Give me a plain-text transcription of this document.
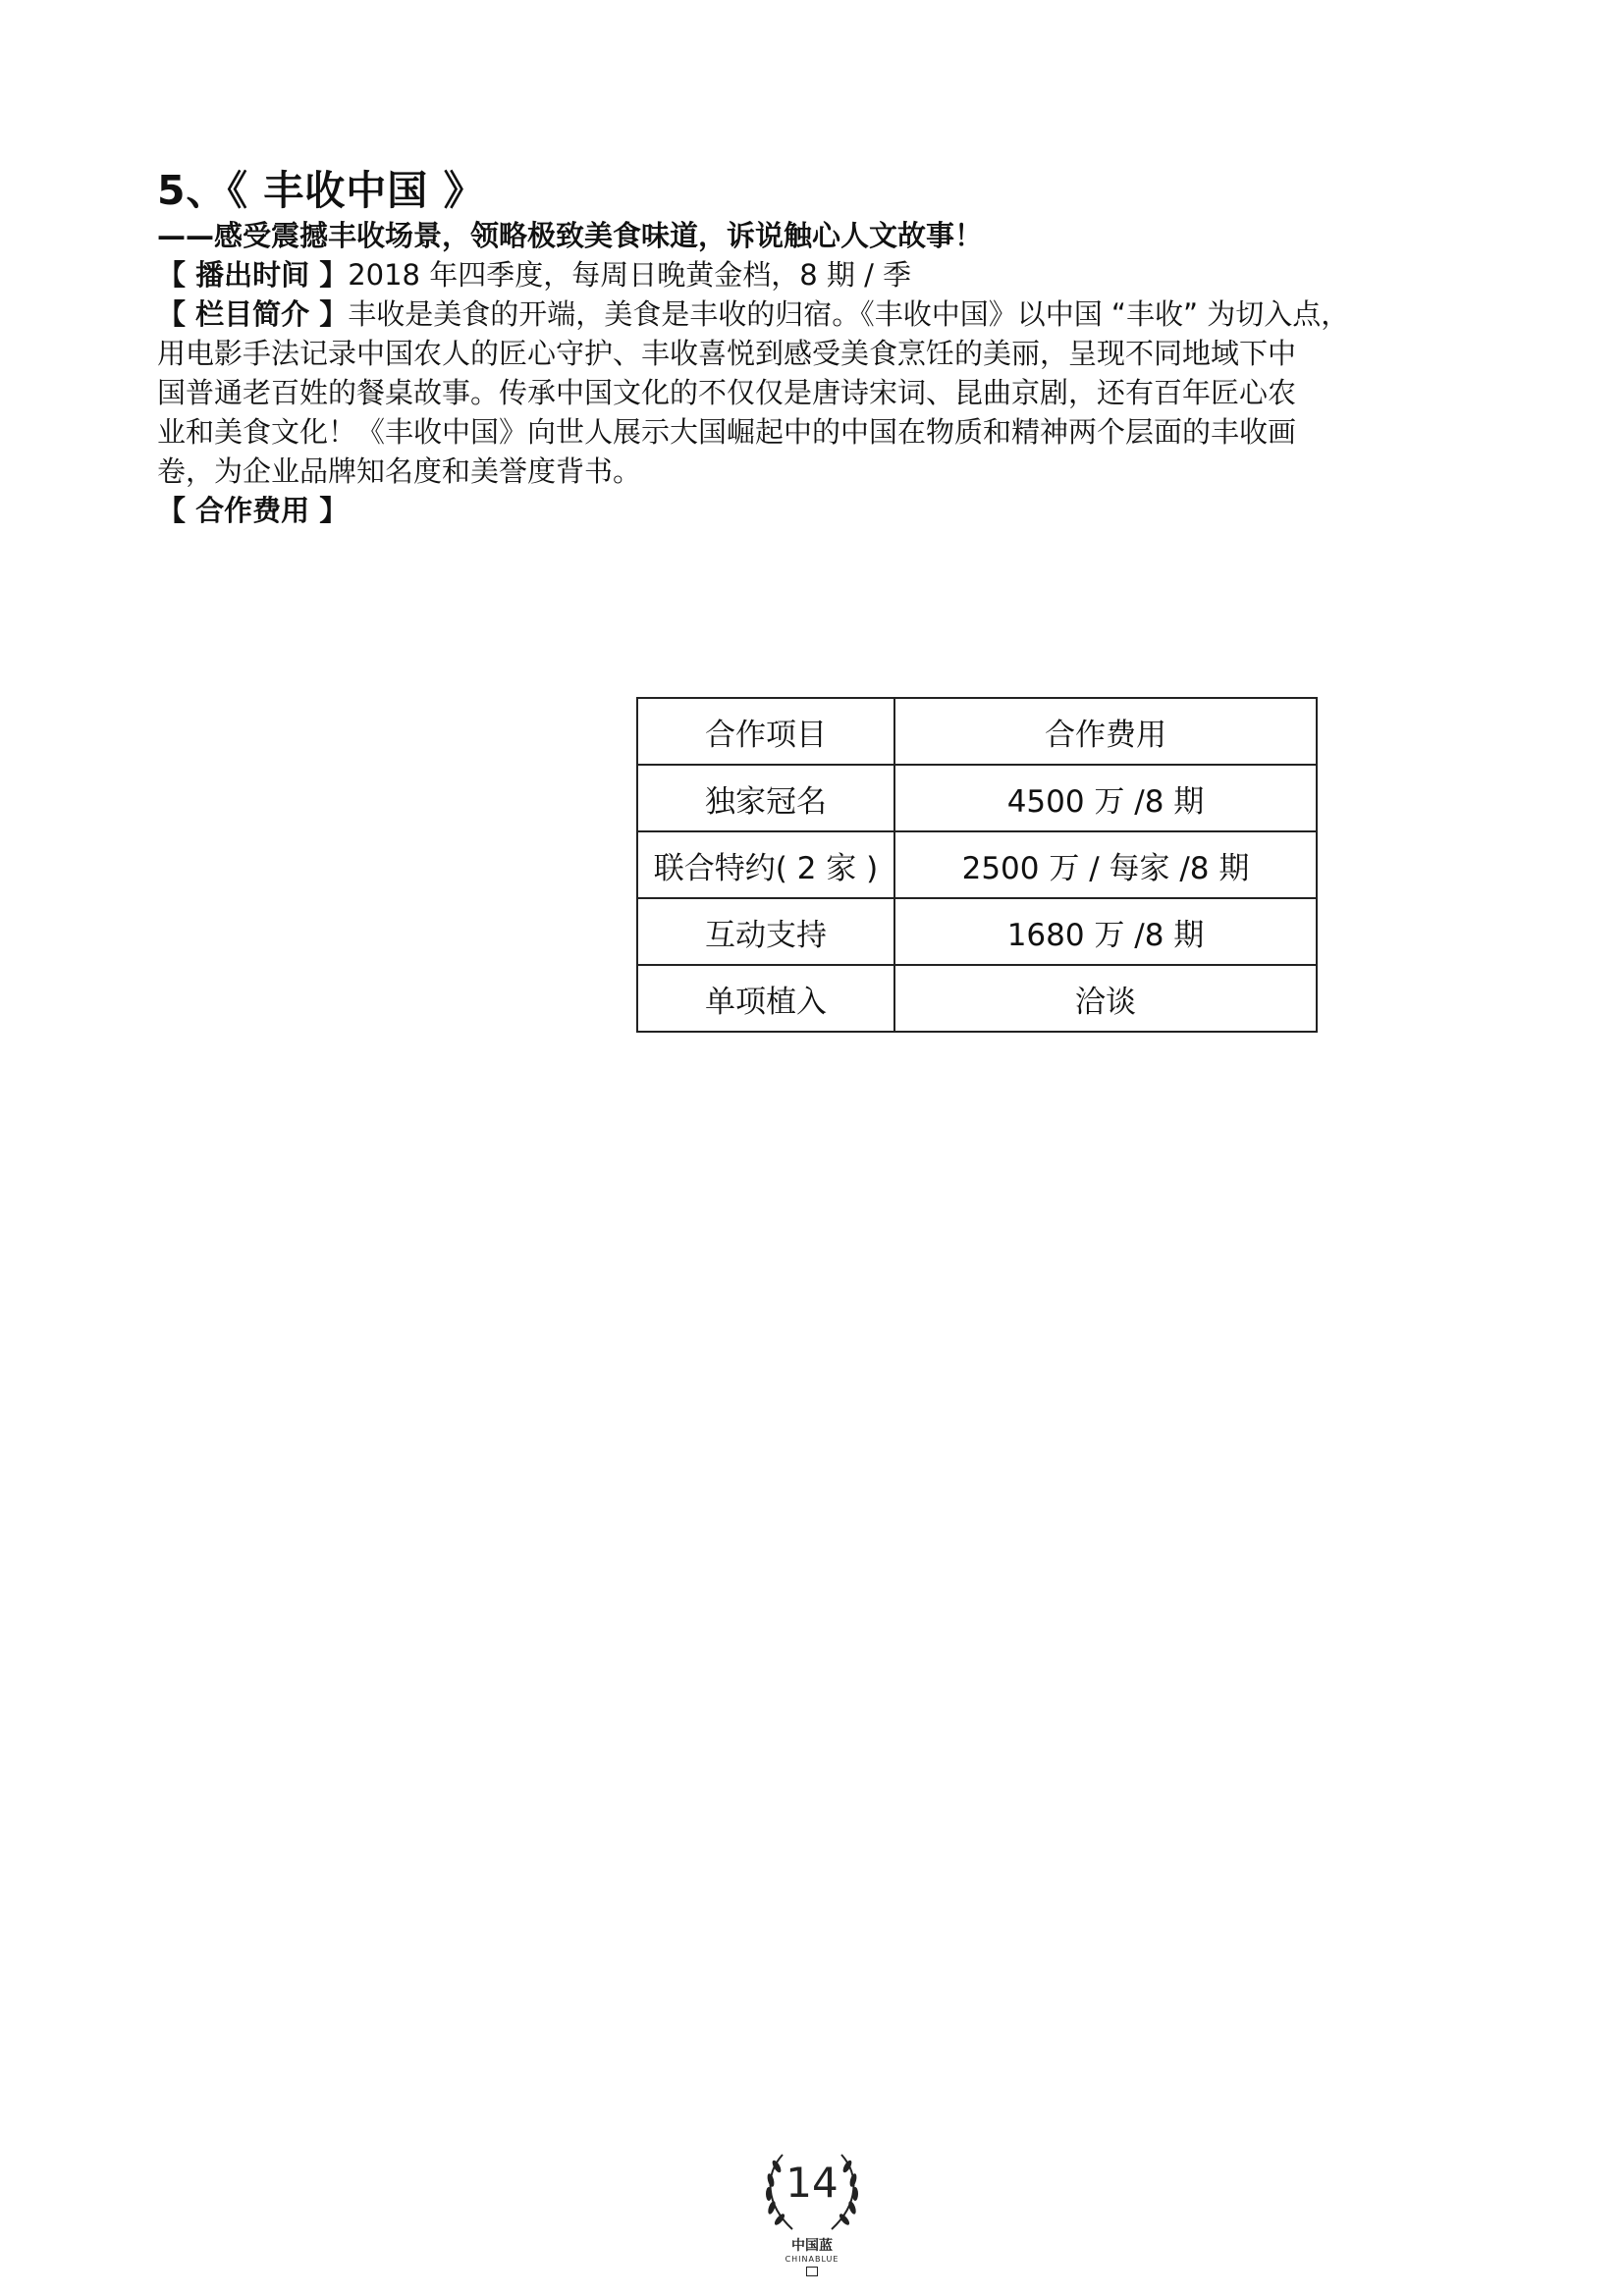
5、《 丰收中国 》

——感受震撼丰收场景，领略极致美食味道，诉说触心人文故事！

【 播出时间 】2018 年四季度，每周日晚黄金档，8 期 / 季

【 栏目简介 】丰收是美食的开端，美食是丰收的归宿。《丰收中国》以中国 “丰收” 为切入点，
用电影手法记录中国农人的匠心守护、丰收喜悦到感受美食烹饪的美丽，呈现不同地域下中
国普通老百姓的餐桌故事。传承中国文化的不仅仅是唐诗宋词、昆曲京剧，还有百年匠心农
业和美食文化！《丰收中国》向世人展示大国崛起中的中国在物质和精神两个层面的丰收画
卷，为企业品牌知名度和美誉度背书。

【 合作费用 】

合作项目	合作费用
独家冠名	4500 万 /8 期
联合特约( 2 家 )	2500 万 / 每家 /8 期
互动支持	1680 万 /8 期
单项植入	洽谈
14
中国蓝
CHINABLUE
